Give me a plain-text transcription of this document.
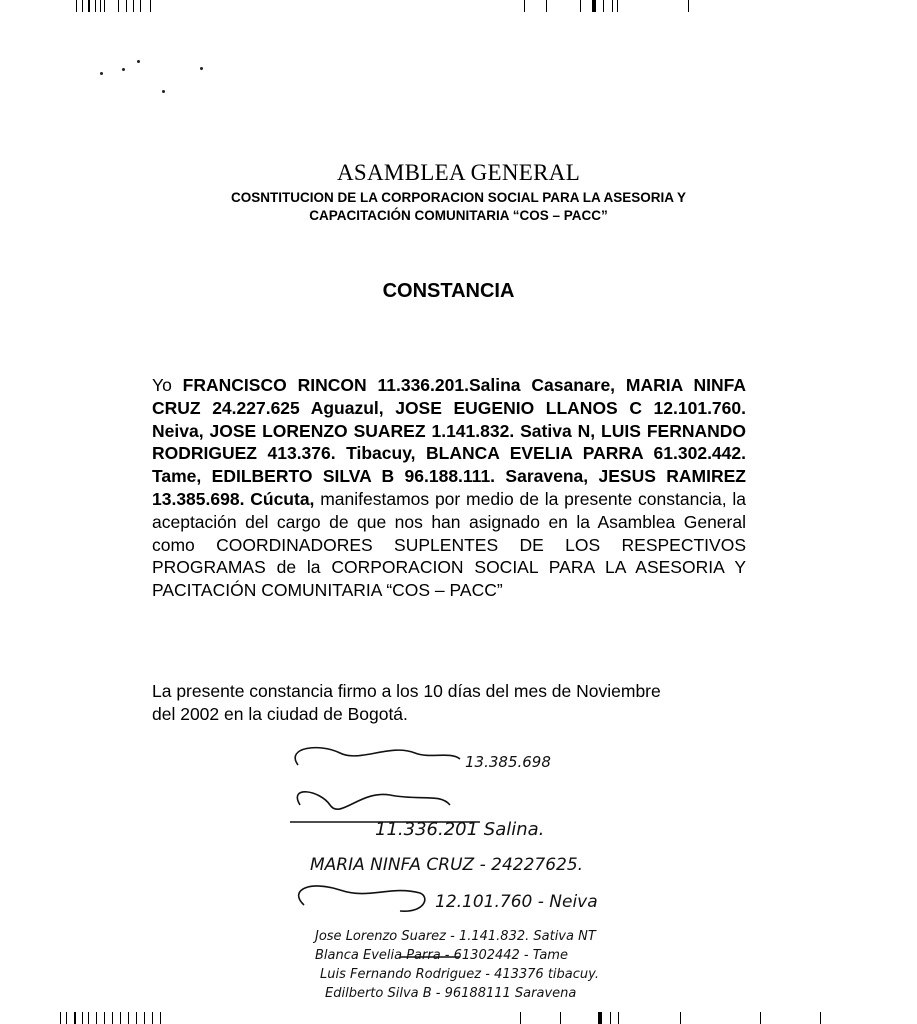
ASAMBLEA GENERAL
COSNTITUCION DE LA CORPORACION SOCIAL PARA LA ASESORIA Y
CAPACITACIÓN COMUNITARIA “COS – PACC”
CONSTANCIA
Yo FRANCISCO RINCON 11.336.201.Salina Casanare, MARIA NINFA CRUZ 24.227.625 Aguazul, JOSE EUGENIO LLANOS C 12.101.760. Neiva, JOSE LORENZO SUAREZ 1.141.832. Sativa N, LUIS FERNANDO RODRIGUEZ 413.376. Tibacuy, BLANCA EVELIA PARRA 61.302.442. Tame, EDILBERTO SILVA B 96.188.111. Saravena, JESUS RAMIREZ 13.385.698. Cúcuta, manifestamos por medio de la presente constancia, la aceptación del cargo de que nos han asignado en la Asamblea General como COORDINADORES SUPLENTES DE LOS RESPECTIVOS PROGRAMAS de la CORPORACION SOCIAL PARA LA ASESORIA Y PACITACIÓN COMUNITARIA “COS – PACC”
La presente constancia firmo a los 10 días del mes de Noviembre
del 2002 en la ciudad de Bogotá.
13.385.698
11.336.201 Salina.
MARIA NINFA CRUZ - 24227625.
12.101.760 - Neiva
Jose Lorenzo Suarez - 1.141.832. Sativa NT
Blanca Evelia Parra - 61302442 - Tame
Luis Fernando Rodriguez - 413376 tibacuy.
Edilberto Silva B - 96188111 Saravena
